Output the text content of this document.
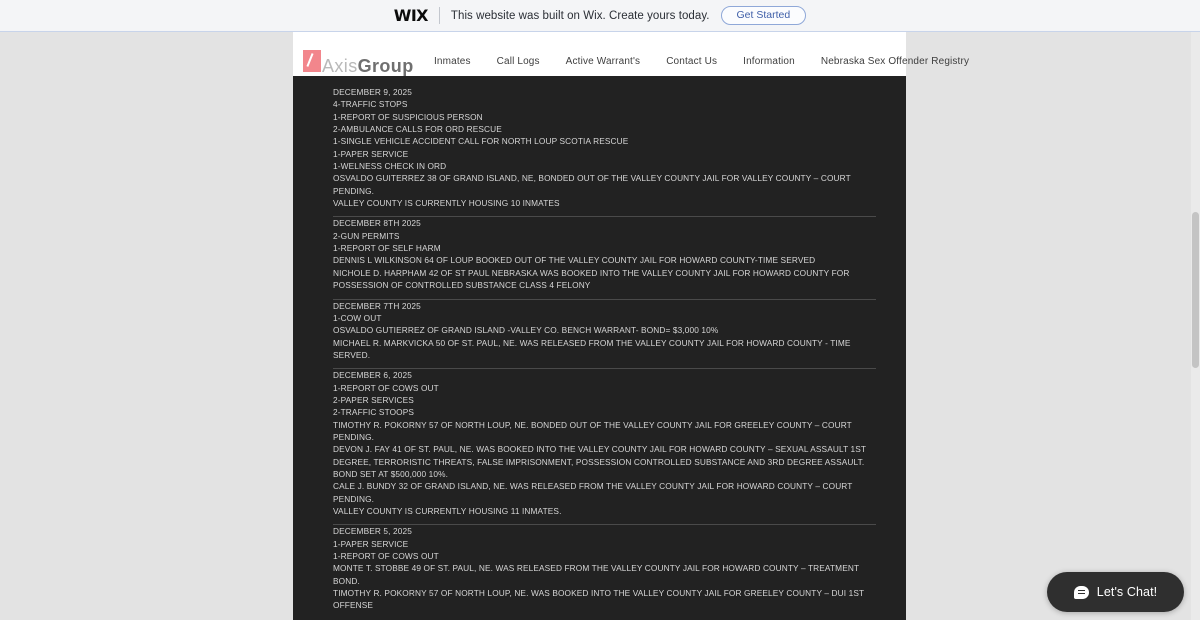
WIX	This website was built on Wix. Create yours today.	Get Started
AxisGroup	Inmates	Call Logs	Active Warrant's	Contact Us	Information	Nebraska Sex Offender Registry
DECEMBER 9, 2025
4-TRAFFIC STOPS
1-REPORT OF SUSPICIOUS PERSON
2-AMBULANCE CALLS FOR ORD RESCUE
1-SINGLE VEHICLE ACCIDENT CALL FOR NORTH LOUP SCOTIA RESCUE
1-PAPER SERVICE
1-WELNESS CHECK IN ORD
OSVALDO GUITERREZ 38 OF GRAND ISLAND, NE, BONDED OUT OF THE VALLEY COUNTY JAIL FOR VALLEY COUNTY – COURT PENDING.
VALLEY COUNTY IS CURRENTLY HOUSING 10 INMATES
DECEMBER 8TH 2025
2-GUN PERMITS
1-REPORT OF SELF HARM
DENNIS L WILKINSON 64 OF LOUP BOOKED OUT OF THE VALLEY COUNTY JAIL FOR HOWARD COUNTY-TIME SERVED
NICHOLE D. HARPHAM 42 OF ST PAUL NEBRASKA WAS BOOKED INTO THE VALLEY COUNTY JAIL FOR HOWARD COUNTY FOR POSSESSION OF CONTROLLED SUBSTANCE CLASS 4 FELONY
DECEMBER 7TH 2025
1-COW OUT
OSVALDO GUTIERREZ OF GRAND ISLAND -VALLEY CO. BENCH WARRANT- BOND= $3,000 10%
MICHAEL R. MARKVICKA 50 OF ST. PAUL, NE. WAS RELEASED FROM THE VALLEY COUNTY JAIL FOR HOWARD COUNTY - TIME SERVED.
DECEMBER 6, 2025
1-REPORT OF COWS OUT
2-PAPER SERVICES
2-TRAFFIC STOOPS
TIMOTHY R. POKORNY 57 OF NORTH LOUP, NE. BONDED OUT OF THE VALLEY COUNTY JAIL FOR GREELEY COUNTY – COURT PENDING.
DEVON J. FAY 41 OF ST. PAUL, NE. WAS BOOKED INTO THE VALLEY COUNTY JAIL FOR HOWARD COUNTY – SEXUAL ASSAULT 1ST DEGREE, TERRORISTIC THREATS, FALSE IMPRISONMENT, POSSESSION CONTROLLED SUBSTANCE AND 3RD DEGREE ASSAULT. BOND SET AT $500,000 10%.
CALE J. BUNDY 32 OF GRAND ISLAND, NE. WAS RELEASED FROM THE VALLEY COUNTY JAIL FOR HOWARD COUNTY – COURT PENDING.
VALLEY COUNTY IS CURRENTLY HOUSING 11 INMATES.
DECEMBER 5, 2025
1-PAPER SERVICE
1-REPORT OF COWS OUT
MONTE T. STOBBE 49 OF ST. PAUL, NE. WAS RELEASED FROM THE VALLEY COUNTY JAIL FOR HOWARD COUNTY – TREATMENT BOND.
TIMOTHY R. POKORNY 57 OF NORTH LOUP, NE. WAS BOOKED INTO THE VALLEY COUNTY JAIL FOR GREELEY COUNTY – DUI 1ST OFFENSE
Let's Chat!
